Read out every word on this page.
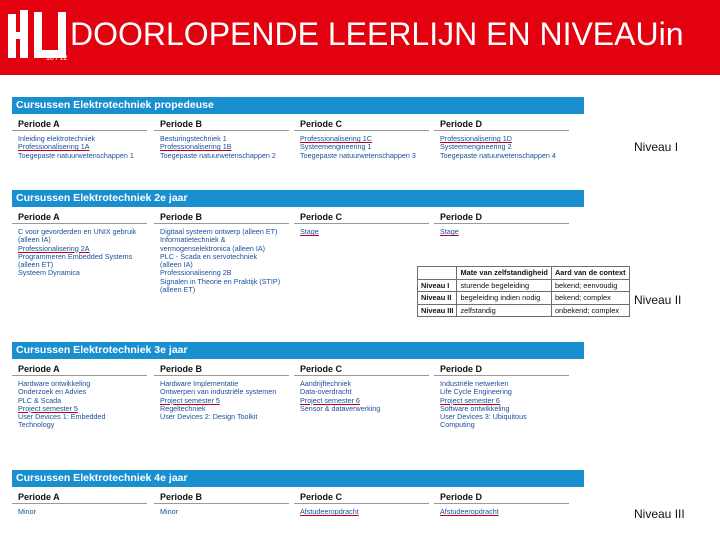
DOORLOPENDE LEERLIJN EN NIVEAUin
10 / 12
Cursussen Elektrotechniek propedeuse
Periode A
Inleiding elektrotechniek
Professionalisering 1A
Toegepaste natuurwetenschappen 1
Periode B
Besturingstechniek 1
Professionalisering 1B
Toegepaste natuurwetenschappen 2
Periode C
Professionalisering 1C
Systeemengineering 1
Toegepaste natuurwetenschappen 3
Periode D
Professionalisering 1D
Systeemengineering 2
Toegepaste natuurwetenschappen 4
Cursussen Elektrotechniek 2e jaar
Periode A
C voor gevorderden en UNIX gebruik
(alleen IA)
Professionalisering 2A
Programmeren Embedded Systems
(alleen ET)
Systeem Dynamica
Periode B
Digitaal systeem ontwerp (alleen ET)
Informatietechniek &
vermogenselektronica (alleen IA)
PLC - Scada en servotechniek
(alleen IA)
Professionalisering 2B
Signalen in Theorie en Praktijk (STIP)
(alleen ET)
Periode C
Stage
Periode D
Stage
Cursussen Elektrotechniek 3e jaar
Periode A
Hardware ontwikkeling
Onderzoek en Advies
PLC & Scada
Project semester 5
User Devices 1: Embedded
Technology
Periode B
Hardware Implementatie
Ontwerpen van industriële systemen
Project semester 5
Regeltechniek
User Devices 2: Design Toolkit
Periode C
Aandrijftechniek
Data-overdracht
Project semester 6
Sensor & dataverwerking
Periode D
Industriële netwerken
Life Cycle Engineering
Project semester 6
Software ontwikkeling
User Devices 3: Ubiquitous
Computing
Cursussen Elektrotechniek 4e jaar
Periode A
Minor
Periode B
Minor
Periode C
Afstudeeropdracht
Periode D
Afstudeeropdracht
Niveau I
Niveau II
Niveau III
	Mate van zelfstandigheid	Aard van de context
Niveau I	sturende begeleiding	bekend; eenvoudig
Niveau II	begeleiding indien nodig	bekend; complex
Niveau III	zelfstandig	onbekend; complex
